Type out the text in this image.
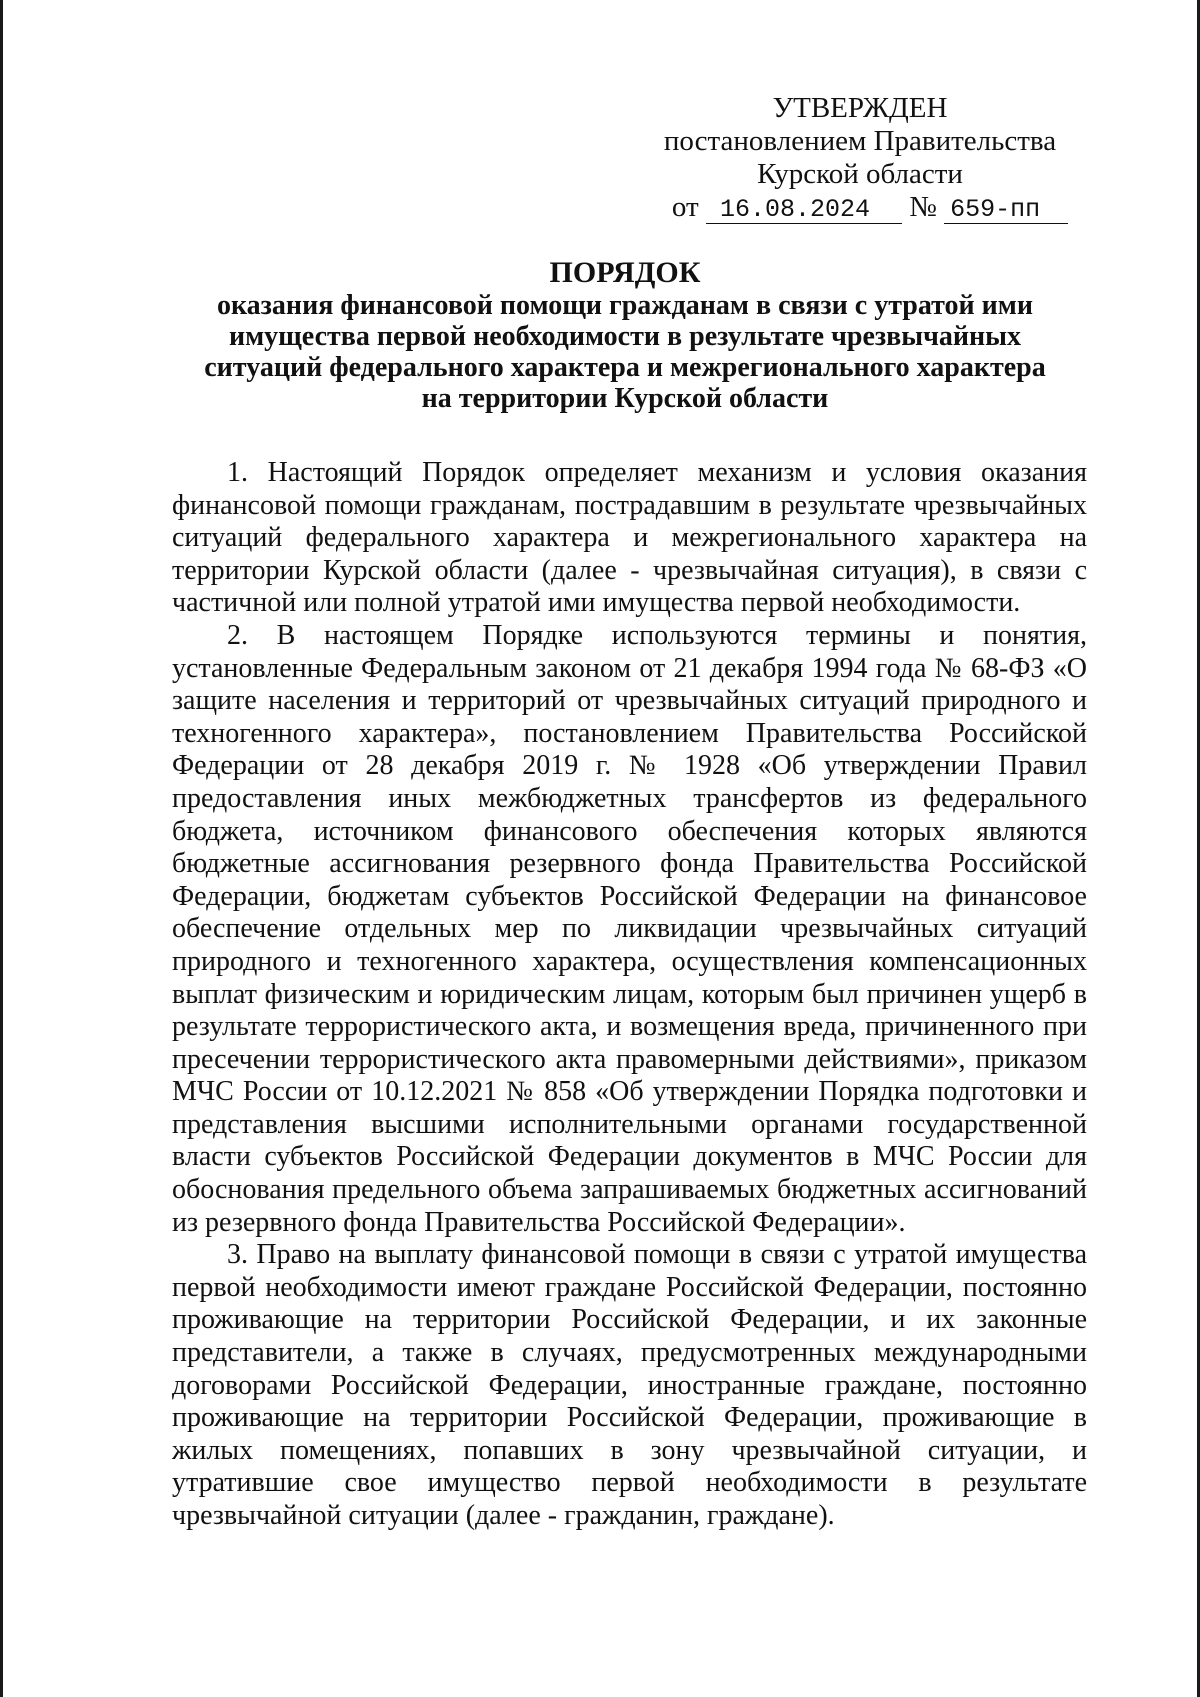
УТВЕРЖДЕН
постановлением Правительства
Курской области
от 16.08.2024 № 659-пп
ПОРЯДОК
оказания финансовой помощи гражданам в связи с утратой ими
имущества первой необходимости в результате чрезвычайных
ситуаций федерального характера и межрегионального характера
на территории Курской области

1. Настоящий Порядок определяет механизм и условия оказания финансовой помощи гражданам, пострадавшим в результате чрезвычайных ситуаций федерального характера и межрегионального характера на территории Курской области (далее - чрезвычайная ситуация), в связи с частичной или полной утратой ими имущества первой необходимости.

2. В настоящем Порядке используются термины и понятия, установленные Федеральным законом от 21 декабря 1994 года № 68-ФЗ «О защите населения и территорий от чрезвычайных ситуаций природного и техногенного характера», постановлением Правительства Российской Федерации от 28 декабря 2019 г. № 1928 «Об утверждении Правил предоставления иных межбюджетных трансфертов из федерального бюджета, источником финансового обеспечения которых являются бюджетные ассигнования резервного фонда Правительства Российской Федерации, бюджетам субъектов Российской Федерации на финансовое обеспечение отдельных мер по ликвидации чрезвычайных ситуаций природного и техногенного характера, осуществления компенсационных выплат физическим и юридическим лицам, которым был причинен ущерб в результате террористического акта, и возмещения вреда, причиненного при пресечении террористического акта правомерными действиями», приказом МЧС России от 10.12.2021 № 858 «Об утверждении Порядка подготовки и представления высшими исполнительными органами государственной власти субъектов Российской Федерации документов в МЧС России для обоснования предельного объема запрашиваемых бюджетных ассигнований из резервного фонда Правительства Российской Федерации».

3. Право на выплату финансовой помощи в связи с утратой имущества первой необходимости имеют граждане Российской Федерации, постоянно проживающие на территории Российской Федерации, и их законные представители, а также в случаях, предусмотренных международными договорами Российской Федерации, иностранные граждане, постоянно проживающие на территории Российской Федерации, проживающие в жилых помещениях, попавших в зону чрезвычайной ситуации, и утратившие свое имущество первой необходимости в результате чрезвычайной ситуации (далее - гражданин, граждане).
